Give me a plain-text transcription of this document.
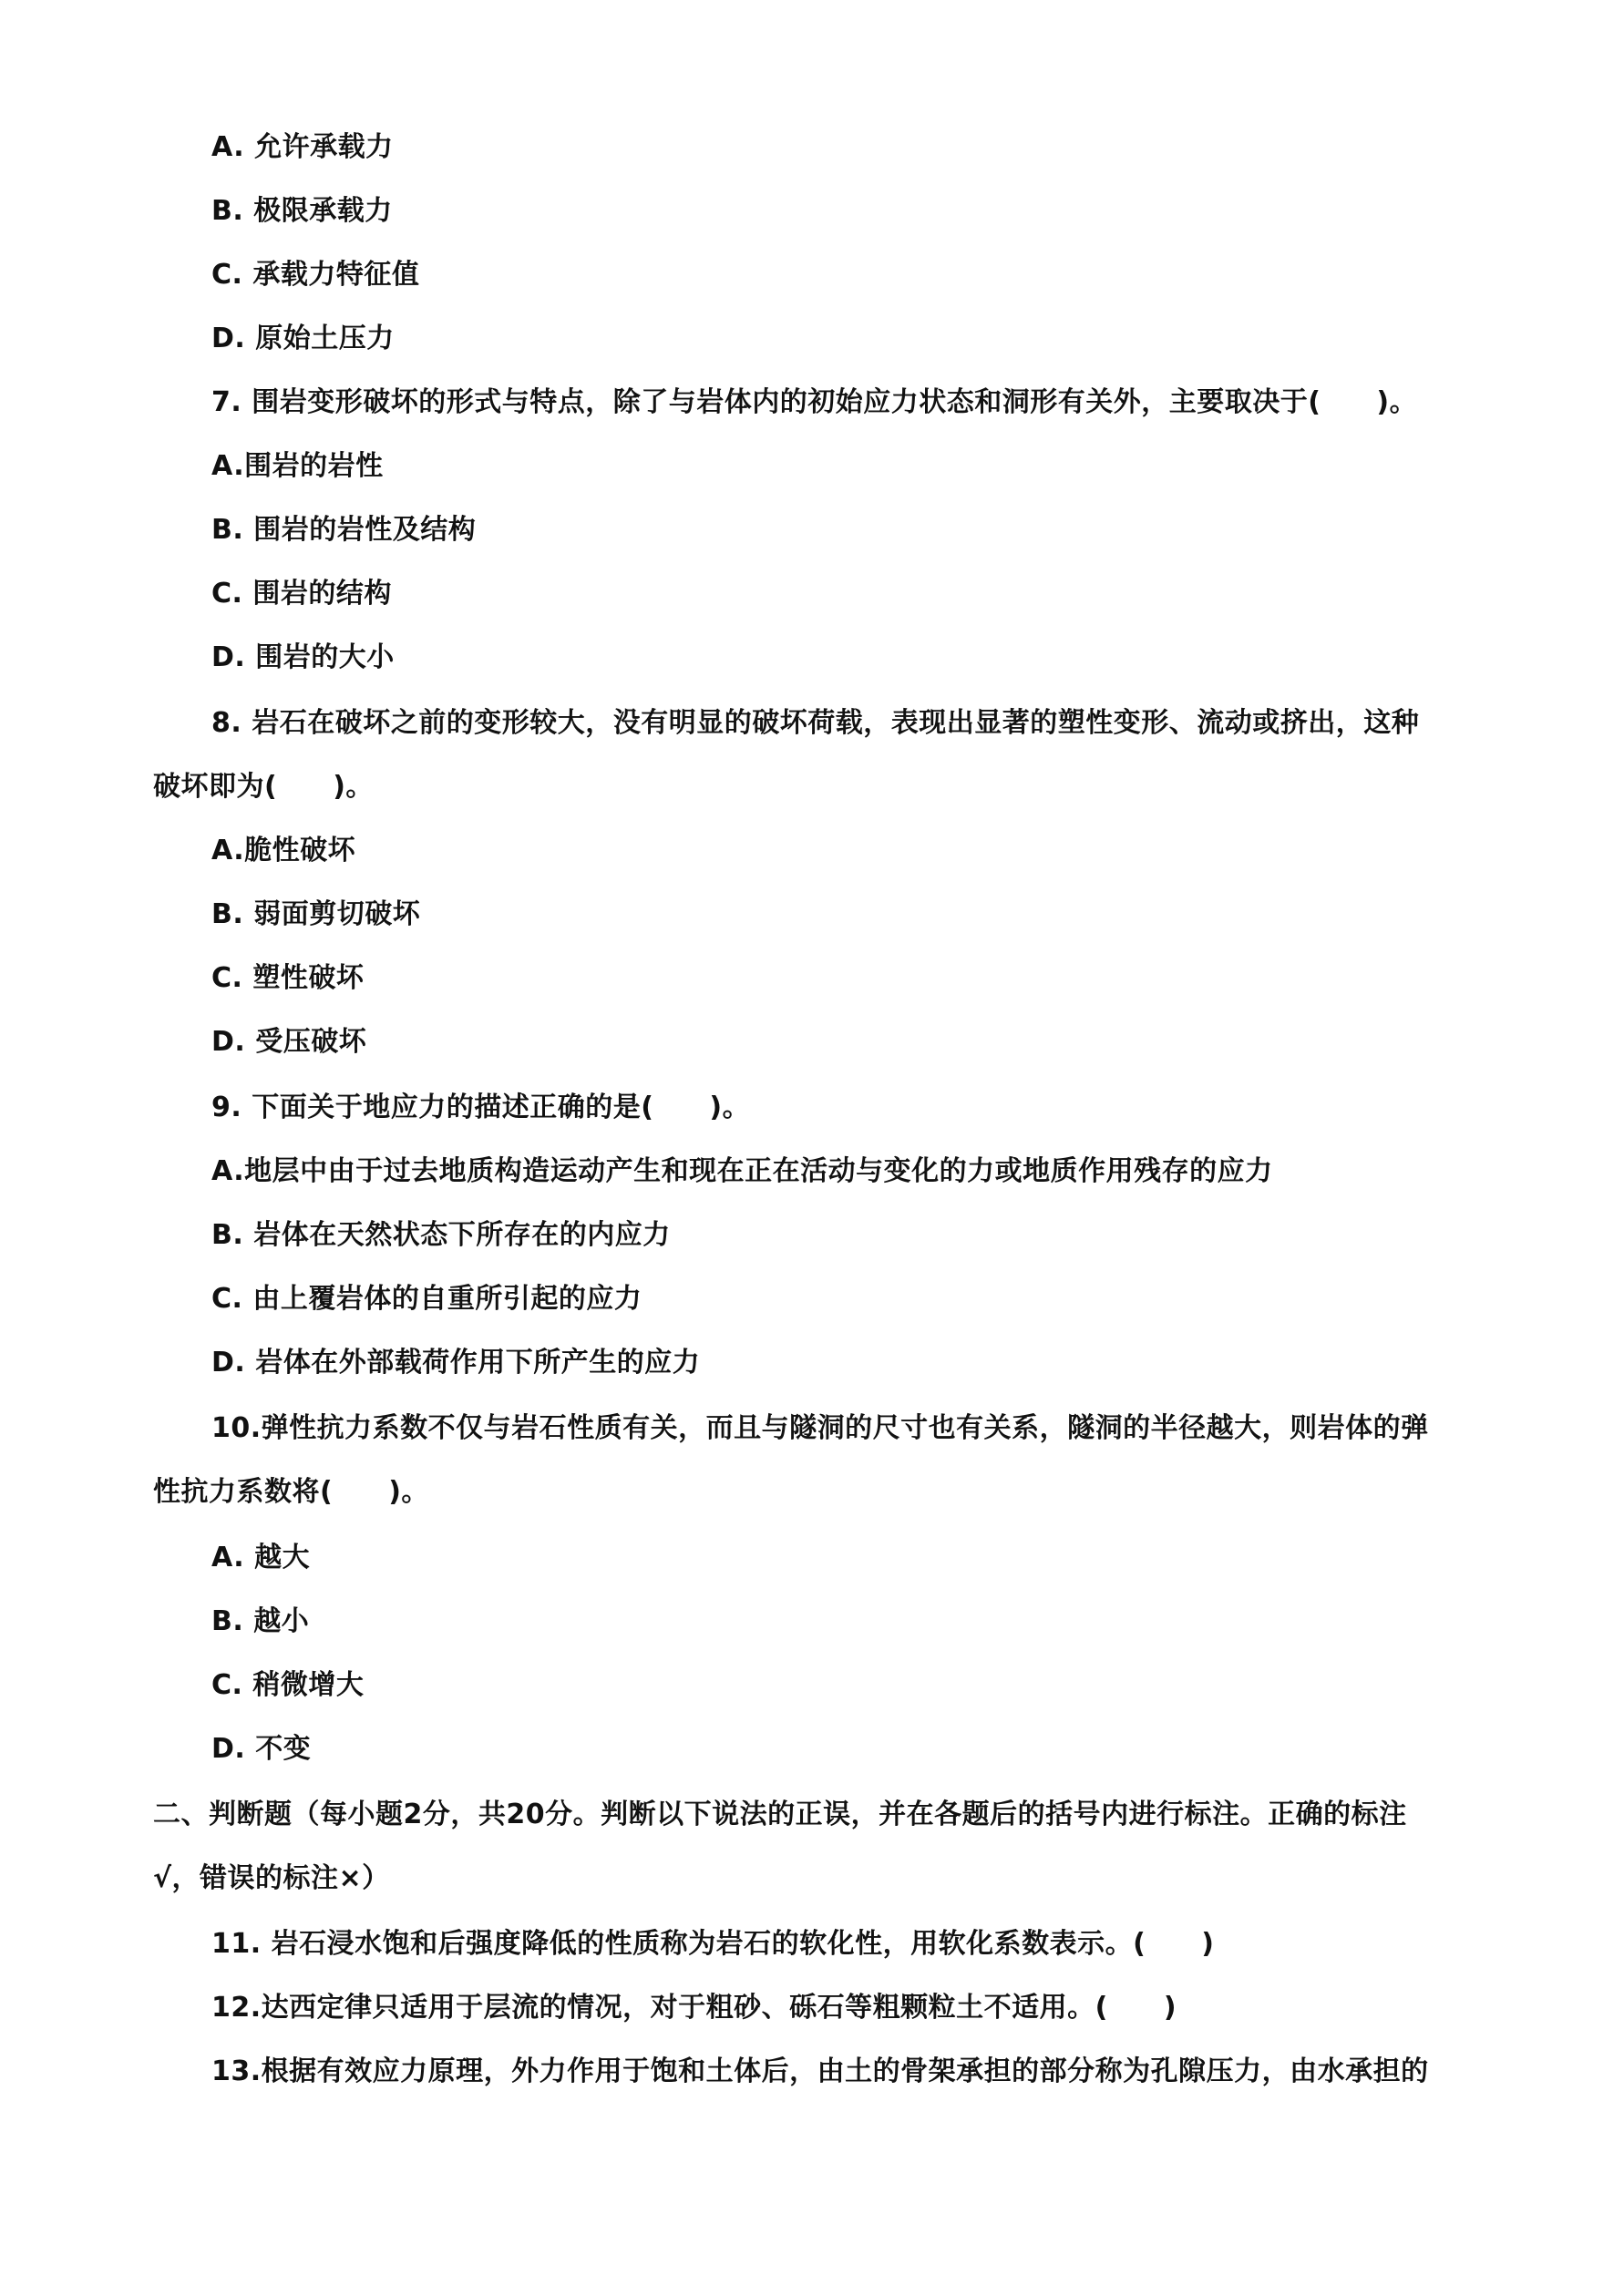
A. 允许承载力
B. 极限承载力
C. 承载力特征值
D. 原始土压力
7. 围岩变形破坏的形式与特点，除了与岩体内的初始应力状态和洞形有关外，主要取决于(　　)。
A.围岩的岩性
B. 围岩的岩性及结构
C. 围岩的结构
D. 围岩的大小
8. 岩石在破坏之前的变形较大，没有明显的破坏荷载，表现出显著的塑性变形、流动或挤出，这种
破坏即为(　　)。
A.脆性破坏
B. 弱面剪切破坏
C. 塑性破坏
D. 受压破坏
9. 下面关于地应力的描述正确的是(　　)。
A.地层中由于过去地质构造运动产生和现在正在活动与变化的力或地质作用残存的应力
B. 岩体在天然状态下所存在的内应力
C. 由上覆岩体的自重所引起的应力
D. 岩体在外部载荷作用下所产生的应力
10.弹性抗力系数不仅与岩石性质有关，而且与隧洞的尺寸也有关系，隧洞的半径越大，则岩体的弹
性抗力系数将(　　)。
A. 越大
B. 越小
C. 稍微增大
D. 不变
二、判断题（每小题2分，共20分。判断以下说法的正误，并在各题后的括号内进行标注。正确的标注
√，错误的标注×）
11. 岩石浸水饱和后强度降低的性质称为岩石的软化性，用软化系数表示。(　　)
12.达西定律只适用于层流的情况，对于粗砂、砾石等粗颗粒土不适用。(　　)
13.根据有效应力原理，外力作用于饱和土体后，由土的骨架承担的部分称为孔隙压力，由水承担的
